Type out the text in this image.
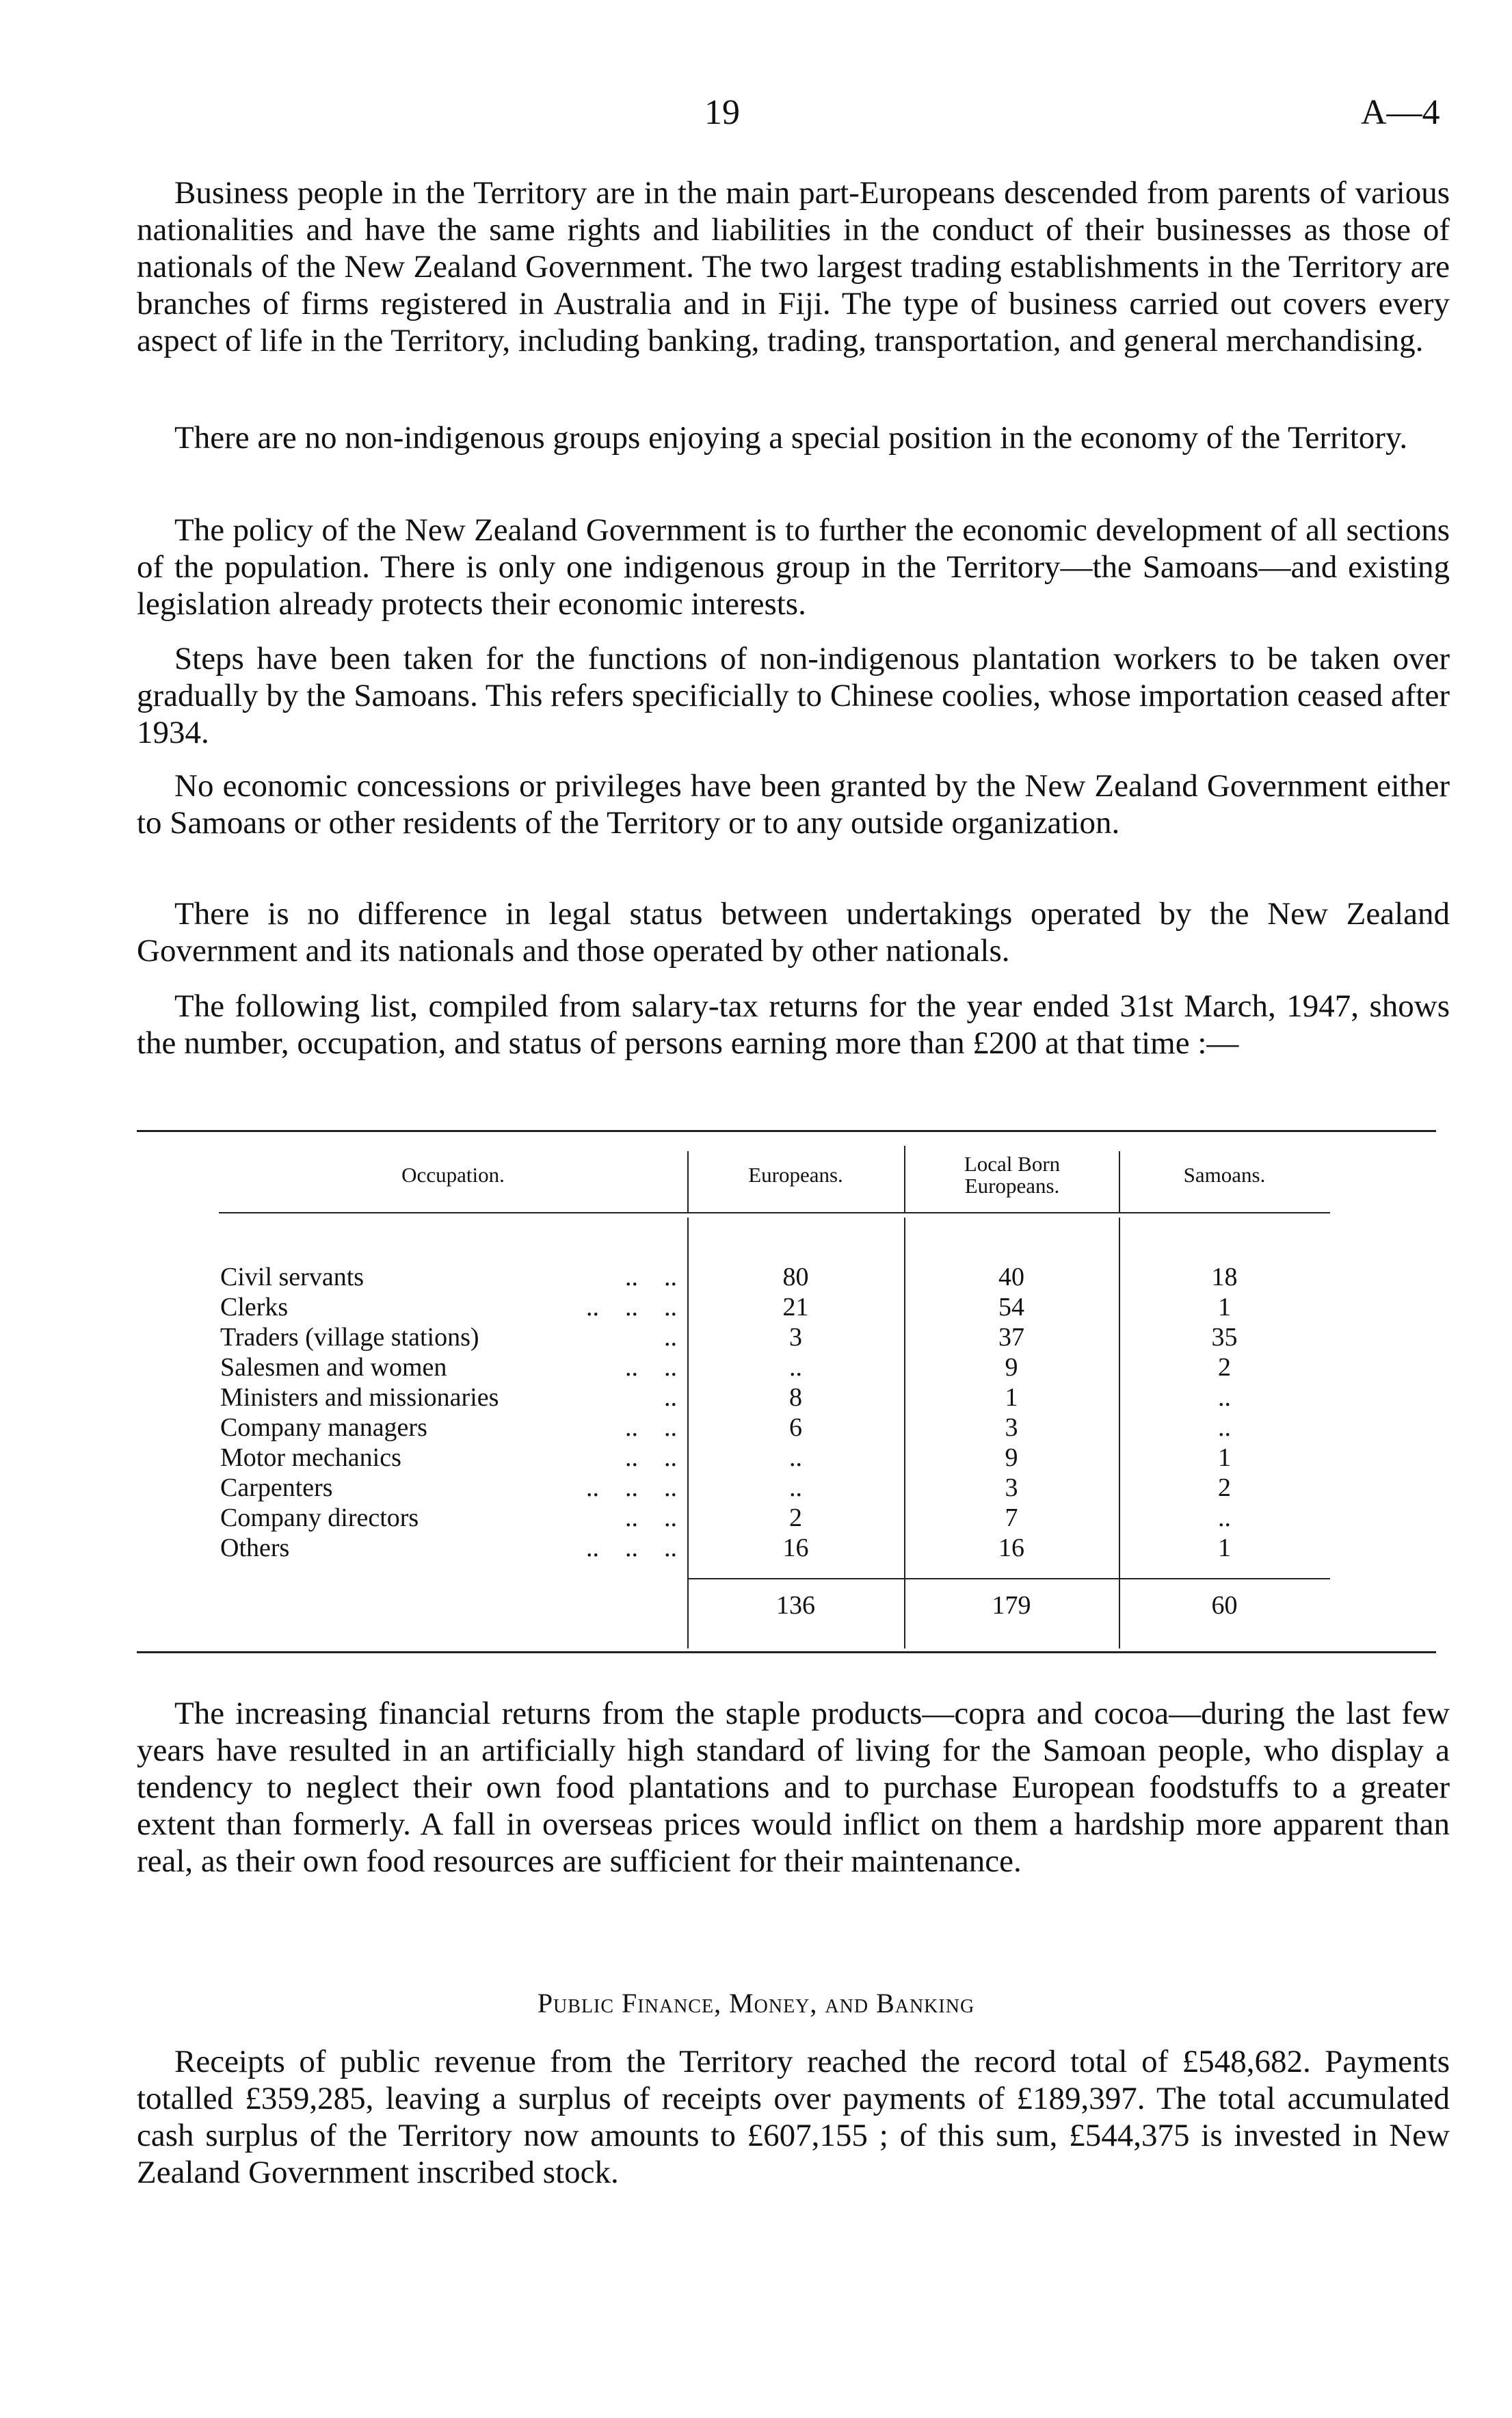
19	A—4

Business people in the Territory are in the main part-Europeans descended from parents of various nationalities and have the same rights and liabilities in the conduct of their businesses as those of nationals of the New Zealand Government. The two largest trading establishments in the Territory are branches of firms registered in Australia and in Fiji. The type of business carried out covers every aspect of life in the Territory, including banking, trading, transportation, and general merchandising.

There are no non-indigenous groups enjoying a special position in the economy of the Territory.

The policy of the New Zealand Government is to further the economic development of all sections of the population. There is only one indigenous group in the Territory—the Samoans—and existing legislation already protects their economic interests.

Steps have been taken for the functions of non-indigenous plantation workers to be taken over gradually by the Samoans. This refers specificially to Chinese coolies, whose importation ceased after 1934.

No economic concessions or privileges have been granted by the New Zealand Government either to Samoans or other residents of the Territory or to any outside organization.

There is no difference in legal status between undertakings operated by the New Zealand Government and its nationals and those operated by other nationals.

The following list, compiled from salary-tax returns for the year ended 31st March, 1947, shows the number, occupation, and status of persons earning more than £200 at that time :—

Occupation.	Europeans.	Local Born Europeans.	Samoans.
Civil servants	..    ..	80	40	18
Clerks	..    ..    ..	21	54	1
Traders (village stations)	..	3	37	35
Salesmen and women	..    ..	..	9	2
Ministers and missionaries	..	8	1	..
Company managers	..    ..	6	3	..
Motor mechanics	..    ..	..	9	1
Carpenters	..    ..    ..	..	3	2
Company directors	..    ..	2	7	..
Others	..    ..    ..	16	16	1
136	179	60

The increasing financial returns from the staple products—copra and cocoa—during the last few years have resulted in an artificially high standard of living for the Samoan people, who display a tendency to neglect their own food plantations and to purchase European foodstuffs to a greater extent than formerly. A fall in overseas prices would inflict on them a hardship more apparent than real, as their own food resources are sufficient for their maintenance.

Public Finance, Money, and Banking

Receipts of public revenue from the Territory reached the record total of £548,682. Payments totalled £359,285, leaving a surplus of receipts over payments of £189,397. The total accumulated cash surplus of the Territory now amounts to £607,155 ; of this sum, £544,375 is invested in New Zealand Government inscribed stock.
